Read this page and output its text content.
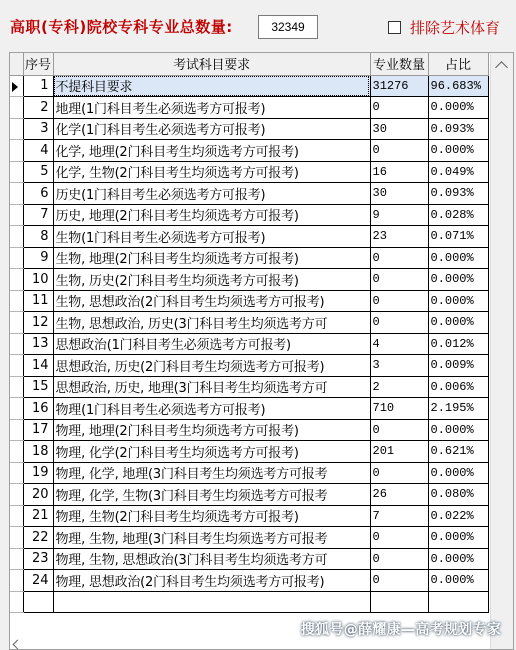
高职(专科)院校专科专业总数量:	32349	排除艺术体育
	序号	考试科目要求	专业数量	占比

	1	不提科目要求	31276	96.683%
	2	地理(1门科目考生必须选考方可报考)	0	0.000%
	3	化学(1门科目考生必须选考方可报考)	30	0.093%
	4	化学, 地理(2门科目考生均须选考方可报考)	0	0.000%
	5	化学, 生物(2门科目考生均须选考方可报考)	16	0.049%
	6	历史(1门科目考生必须选考方可报考)	30	0.093%
	7	历史, 地理(2门科目考生均须选考方可报考)	9	0.028%
	8	生物(1门科目考生必须选考方可报考)	23	0.071%
	9	生物, 地理(2门科目考生均须选考方可报考)	0	0.000%
	10	生物, 历史(2门科目考生均须选考方可报考)	0	0.000%
	11	生物, 思想政治(2门科目考生均须选考方可报考)	0	0.000%
	12	生物, 思想政治, 历史(3门科目考生均须选考方可	0	0.000%
	13	思想政治(1门科目考生必须选考方可报考)	4	0.012%
	14	思想政治, 历史(2门科目考生均须选考方可报考)	3	0.009%
	15	思想政治, 历史, 地理(3门科目考生均须选考方可	2	0.006%
	16	物理(1门科目考生必须选考方可报考)	710	2.195%
	17	物理, 地理(2门科目考生均须选考方可报考)	0	0.000%
	18	物理, 化学(2门科目考生均须选考方可报考)	201	0.621%
	19	物理, 化学, 地理(3门科目考生均须选考方可报考	0	0.000%
	20	物理, 化学, 生物(3门科目考生均须选考方可报考	26	0.080%
	21	物理, 生物(2门科目考生均须选考方可报考)	7	0.022%
	22	物理, 生物, 地理(3门科目考生均须选考方可报考	0	0.000%
	23	物理, 生物, 思想政治(3门科目考生均须选考方可	0	0.000%
	24	物理, 思想政治(2门科目考生均须选考方可报考)	0	0.000%

搜狐号@薛耀康—高考规划专家
